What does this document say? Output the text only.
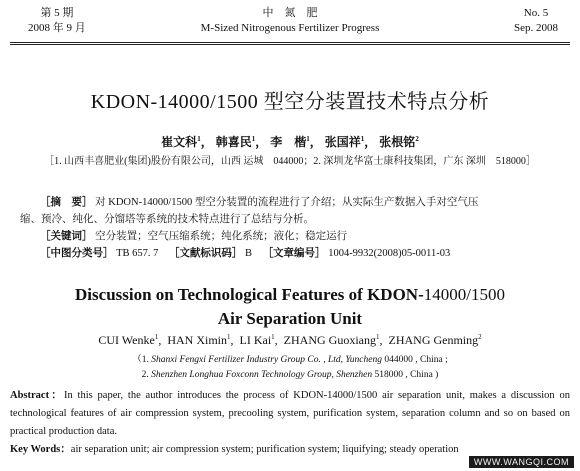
第 5 期
2008 年 9 月
中　氮　肥
M-Sized Nitrogenous Fertilizer Progress
No. 5
Sep. 2008
KDON-14000/1500 型空分装置技术特点分析
崔文科$^1$， 韩喜民$^1$， 李　楷$^1$， 张国祥$^1$， 张根铭$^2$
［1. 山西丰喜肥业(集团)股份有限公司，山西 运城　044000；2. 深圳龙华富士康科技集团，广东 深圳　518000］
［摘　要］ 对 KDON-14000/1500 型空分装置的流程进行了介绍；从实际生产数据入手对空气压
缩、预冷、纯化、分馏塔等系统的技术特点进行了总结与分析。
［关键词］ 空分装置；空气压缩系统；纯化系统；液化；稳定运行
［中图分类号］ TB 657. 7 ［文献标识码］ B ［文章编号］ 1004-9932(2008)05-0011-03
Discussion on Technological Features of KDON-14000/1500
Air Separation Unit
CUI Wenke$^1$,  HAN Ximin$^1$,  LI Kai$^1$,  ZHANG Guoxiang$^1$,  ZHANG Genming$^2$
（1. Shanxi Fengxi Fertilizer Industry Group Co. , Ltd, Yuncheng 044000 , China ;
2. Shenzhen Longhua Foxconn Technology Group, Shenzhen 518000 , China )
Abstract：In this paper, the author introduces the process of KDON-14000/1500 air separation unit, makes a discussion on technological features of air compression system, precooling system, purification system, separation column and so on based on practical production data.
Key Words：air separation unit; air compression system; purification system; liquifying; steady operation
WWW.WANGQI.COM
